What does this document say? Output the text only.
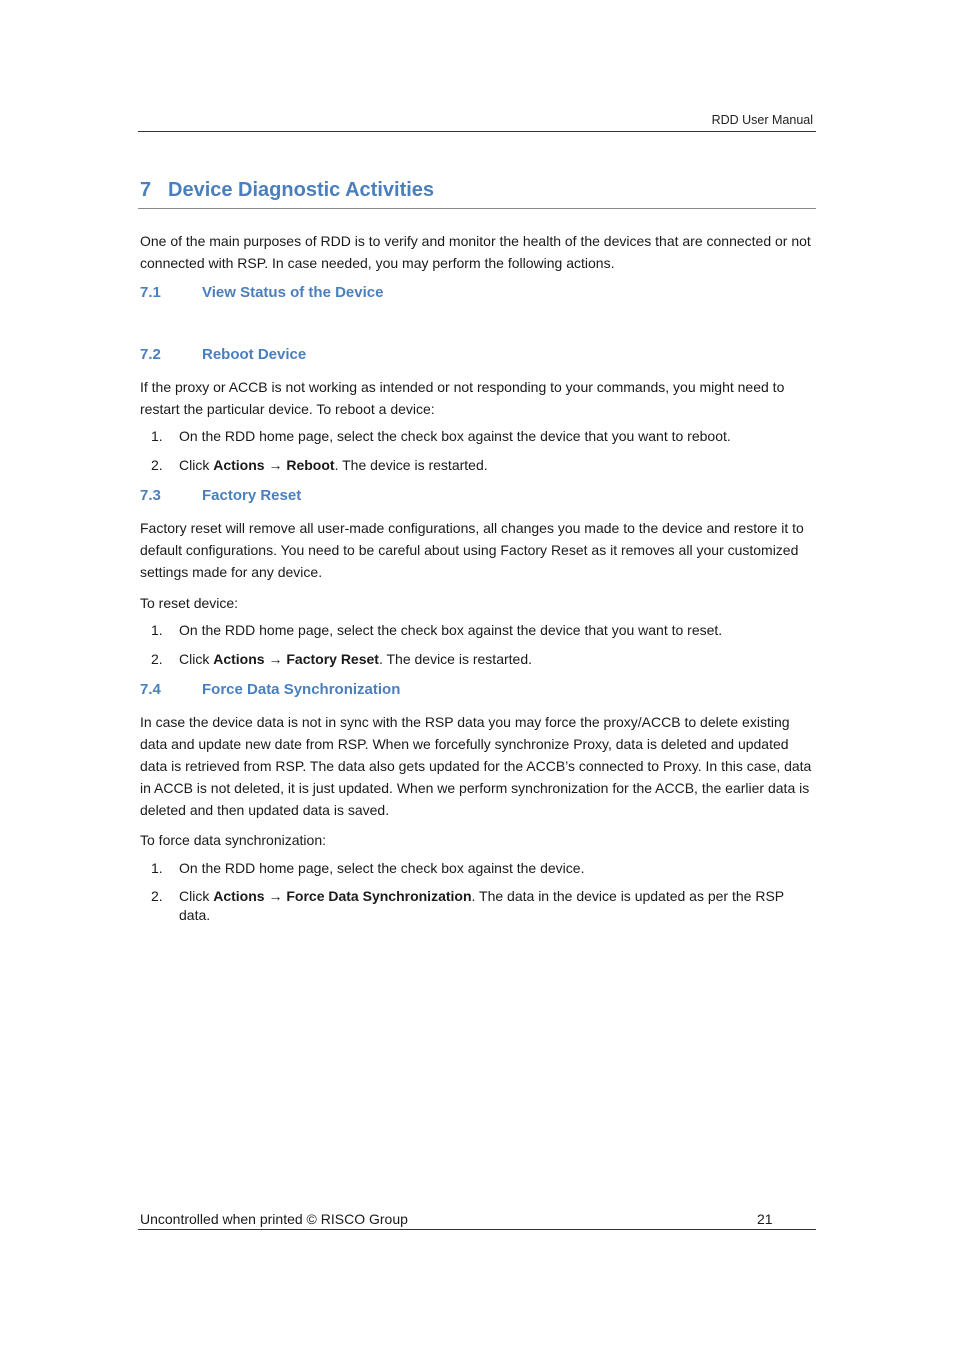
RDD User Manual
7 Device Diagnostic Activities
One of the main purposes of RDD is to verify and monitor the health of the devices that are connected or not connected with RSP. In case needed, you may perform the following actions.
7.1	View Status of the Device
7.2	Reboot Device
If the proxy or ACCB is not working as intended or not responding to your commands, you might need to restart the particular device. To reboot a device:
1. On the RDD home page, select the check box against the device that you want to reboot.
2. Click Actions → Reboot. The device is restarted.
7.3	Factory Reset
Factory reset will remove all user-made configurations, all changes you made to the device and restore it to default configurations. You need to be careful about using Factory Reset as it removes all your customized settings made for any device.
To reset device:
1. On the RDD home page, select the check box against the device that you want to reset.
2. Click Actions → Factory Reset. The device is restarted.
7.4	Force Data Synchronization
In case the device data is not in sync with the RSP data you may force the proxy/ACCB to delete existing data and update new date from RSP. When we forcefully synchronize Proxy, data is deleted and updated data is retrieved from RSP. The data also gets updated for the ACCB’s connected to Proxy. In this case, data in ACCB is not deleted, it is just updated. When we perform synchronization for the ACCB, the earlier data is deleted and then updated data is saved.
To force data synchronization:
1. On the RDD home page, select the check box against the device.
2. Click Actions → Force Data Synchronization. The data in the device is updated as per the RSP data.
Uncontrolled when printed © RISCO Group	21
